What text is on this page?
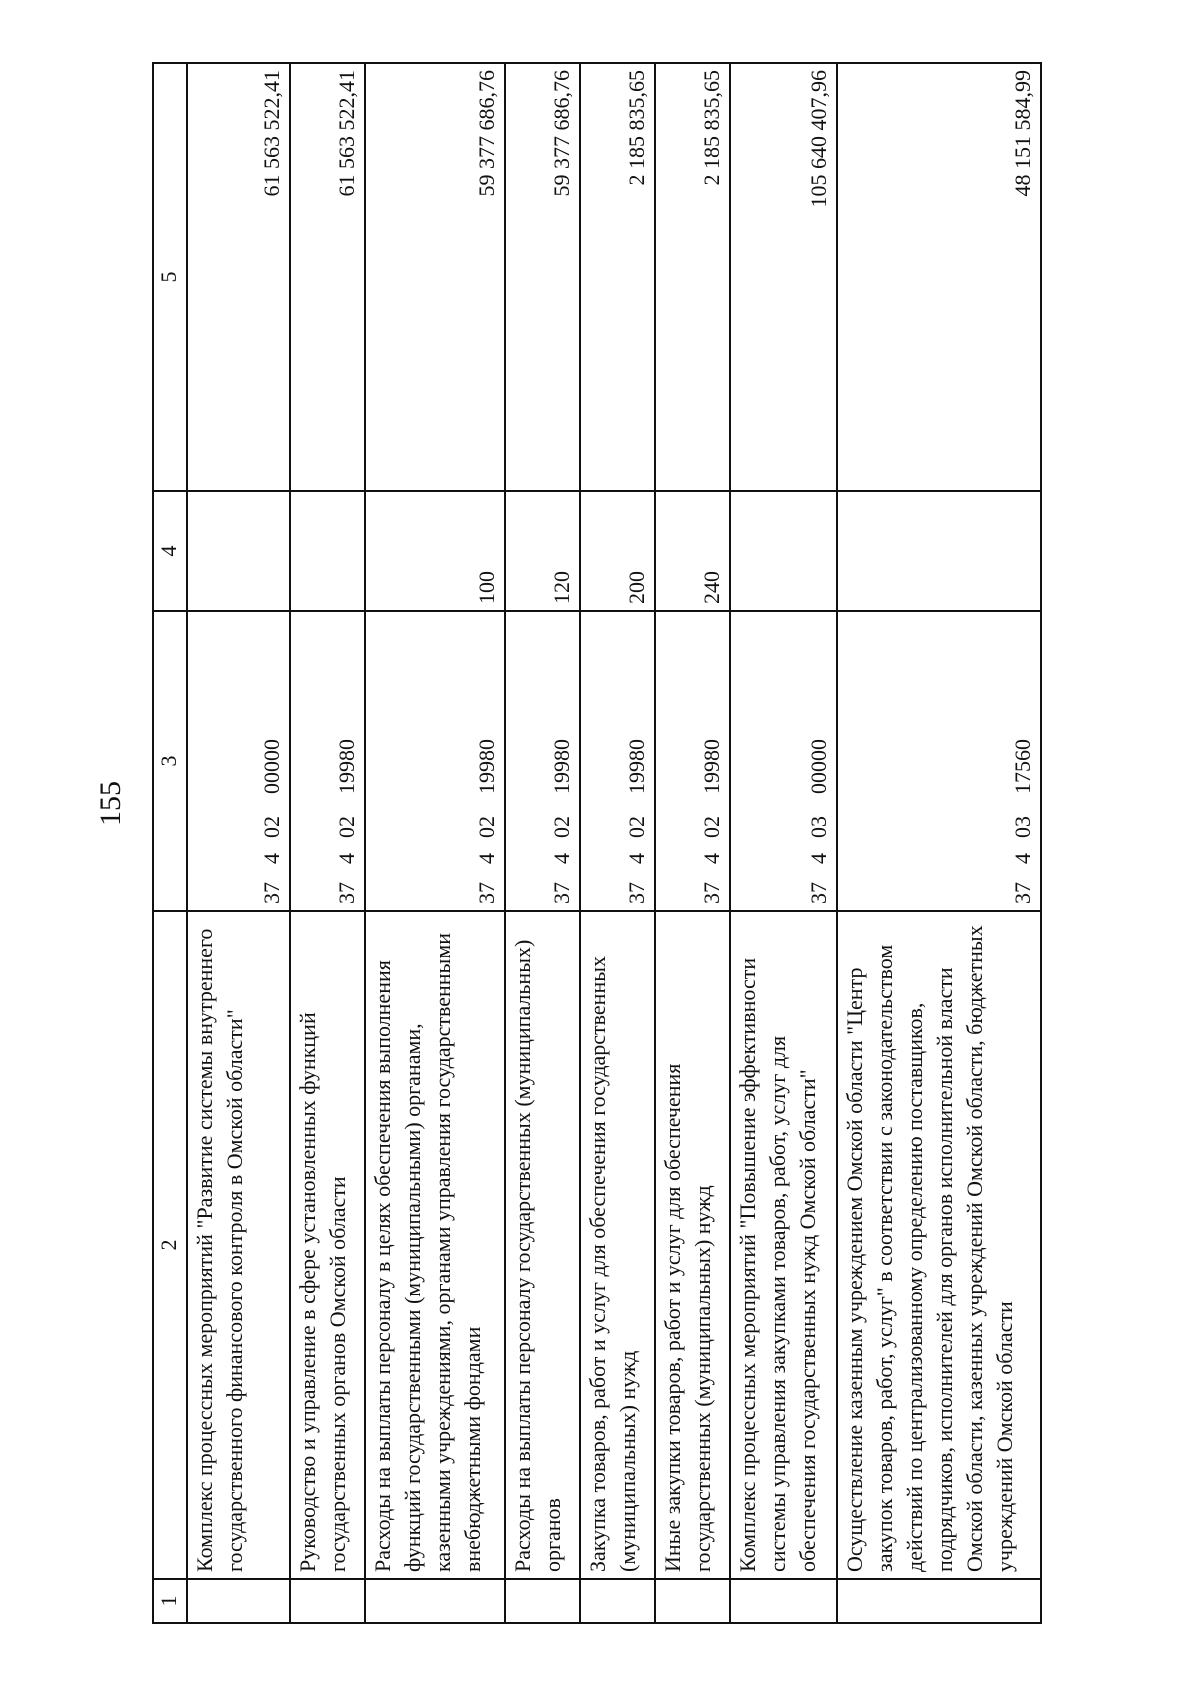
155
1	2	3	4	5
	Комплекс процессных мероприятий "Развитие системы внутреннего государственного финансового контроля в Омской области"	3740200000		61 563 522,41
	Руководство и управление в сфере установленных функций государственных органов Омской области	3740219980		61 563 522,41
	Расходы на выплаты персоналу в целях обеспечения выполнения функций государственными (муниципальными) органами, казенными учреждениями, органами управления государственными внебюджетными фондами	3740219980	100	59 377 686,76
	Расходы на выплаты персоналу государственных (муниципальных) органов	3740219980	120	59 377 686,76
	Закупка товаров, работ и услуг для обеспечения государственных (муниципальных) нужд	3740219980	200	2 185 835,65
	Иные закупки товаров, работ и услуг для обеспечения государственных (муниципальных) нужд	3740219980	240	2 185 835,65
	Комплекс процессных мероприятий "Повышение эффективности системы управления закупками товаров, работ, услуг для обеспечения государственных нужд Омской области"	3740300000		105 640 407,96
	Осуществление казенным учреждением Омской области "Центр закупок товаров, работ, услуг" в соответствии с законодательством действий по централизованному определению поставщиков, подрядчиков, исполнителей для органов исполнительной власти Омской области, казенных учреждений Омской области, бюджетных учреждений Омской области	3740317560		48 151 584,99
